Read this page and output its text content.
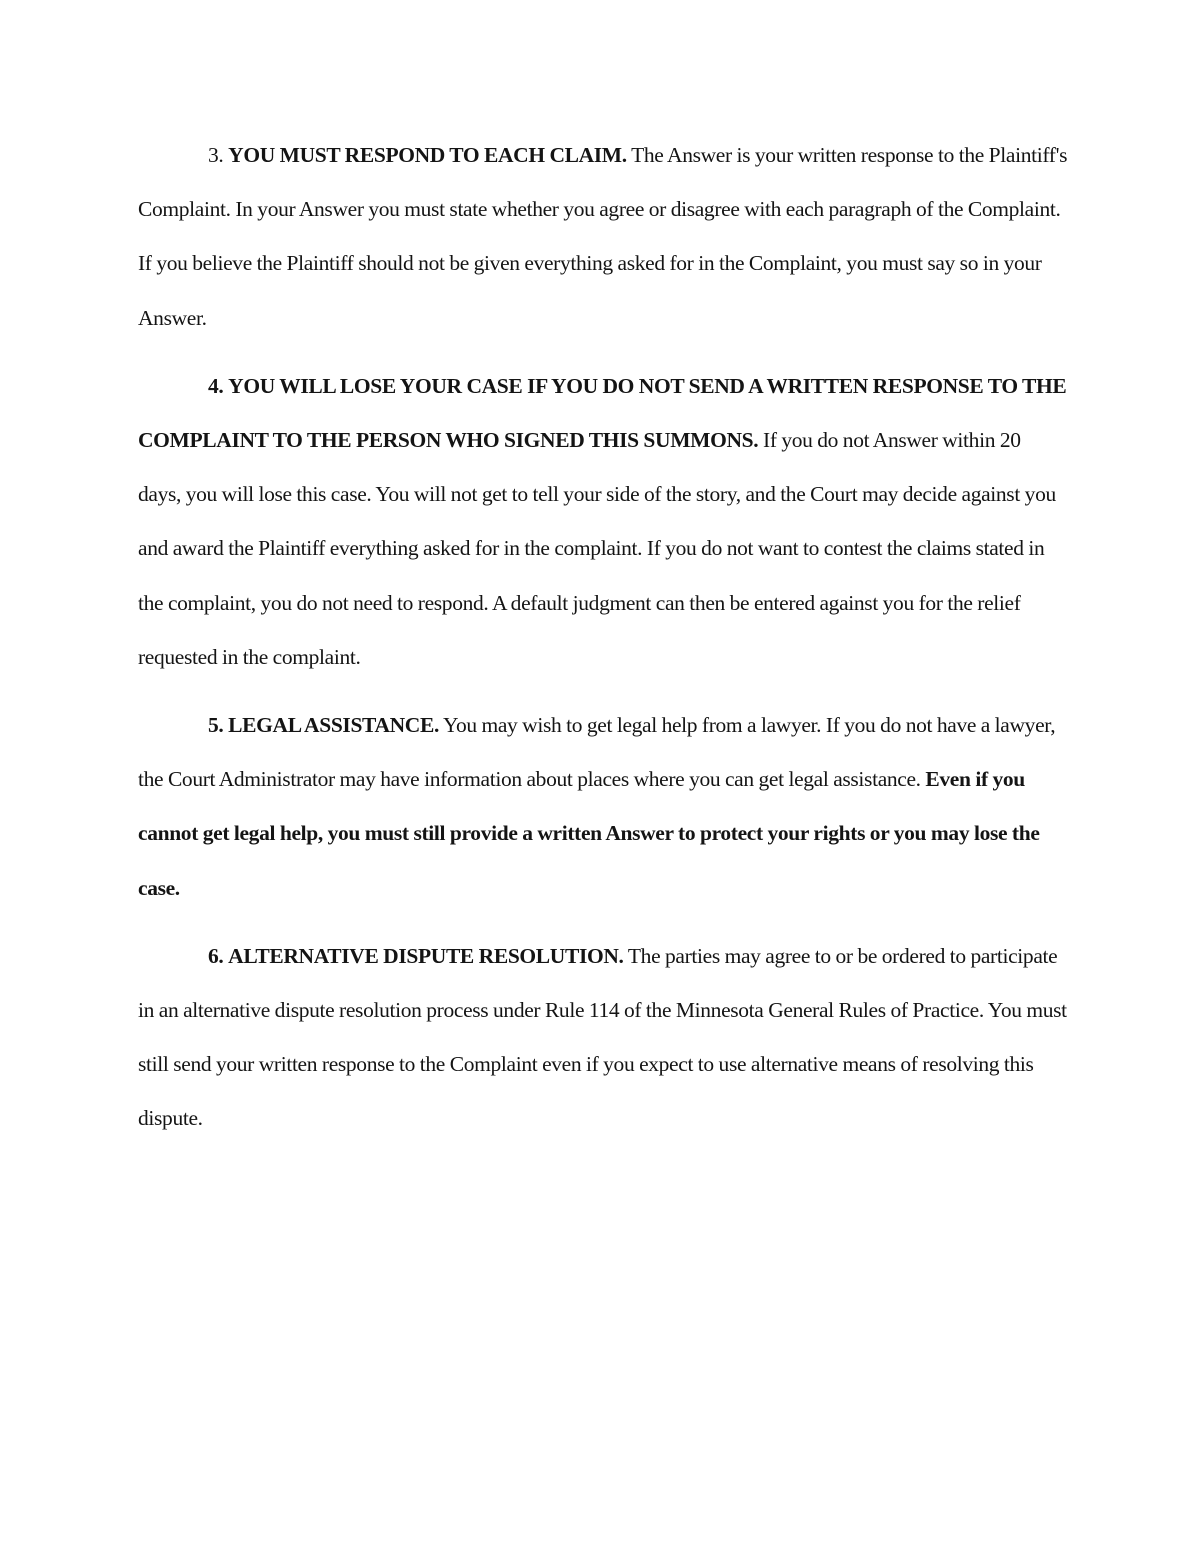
3. YOU MUST RESPOND TO EACH CLAIM. The Answer is your written response to the Plaintiff's Complaint. In your Answer you must state whether you agree or disagree with each paragraph of the Complaint. If you believe the Plaintiff should not be given everything asked for in the Complaint, you must say so in your Answer.

4. YOU WILL LOSE YOUR CASE IF YOU DO NOT SEND A WRITTEN RESPONSE TO THE COMPLAINT TO THE PERSON WHO SIGNED THIS SUMMONS. If you do not Answer within 20 days, you will lose this case. You will not get to tell your side of the story, and the Court may decide against you and award the Plaintiff everything asked for in the complaint. If you do not want to contest the claims stated in the complaint, you do not need to respond. A default judgment can then be entered against you for the relief requested in the complaint.

5. LEGAL ASSISTANCE. You may wish to get legal help from a lawyer. If you do not have a lawyer, the Court Administrator may have information about places where you can get legal assistance. Even if you cannot get legal help, you must still provide a written Answer to protect your rights or you may lose the case.

6. ALTERNATIVE DISPUTE RESOLUTION. The parties may agree to or be ordered to participate in an alternative dispute resolution process under Rule 114 of the Minnesota General Rules of Practice. You must still send your written response to the Complaint even if you expect to use alternative means of resolving this dispute.
